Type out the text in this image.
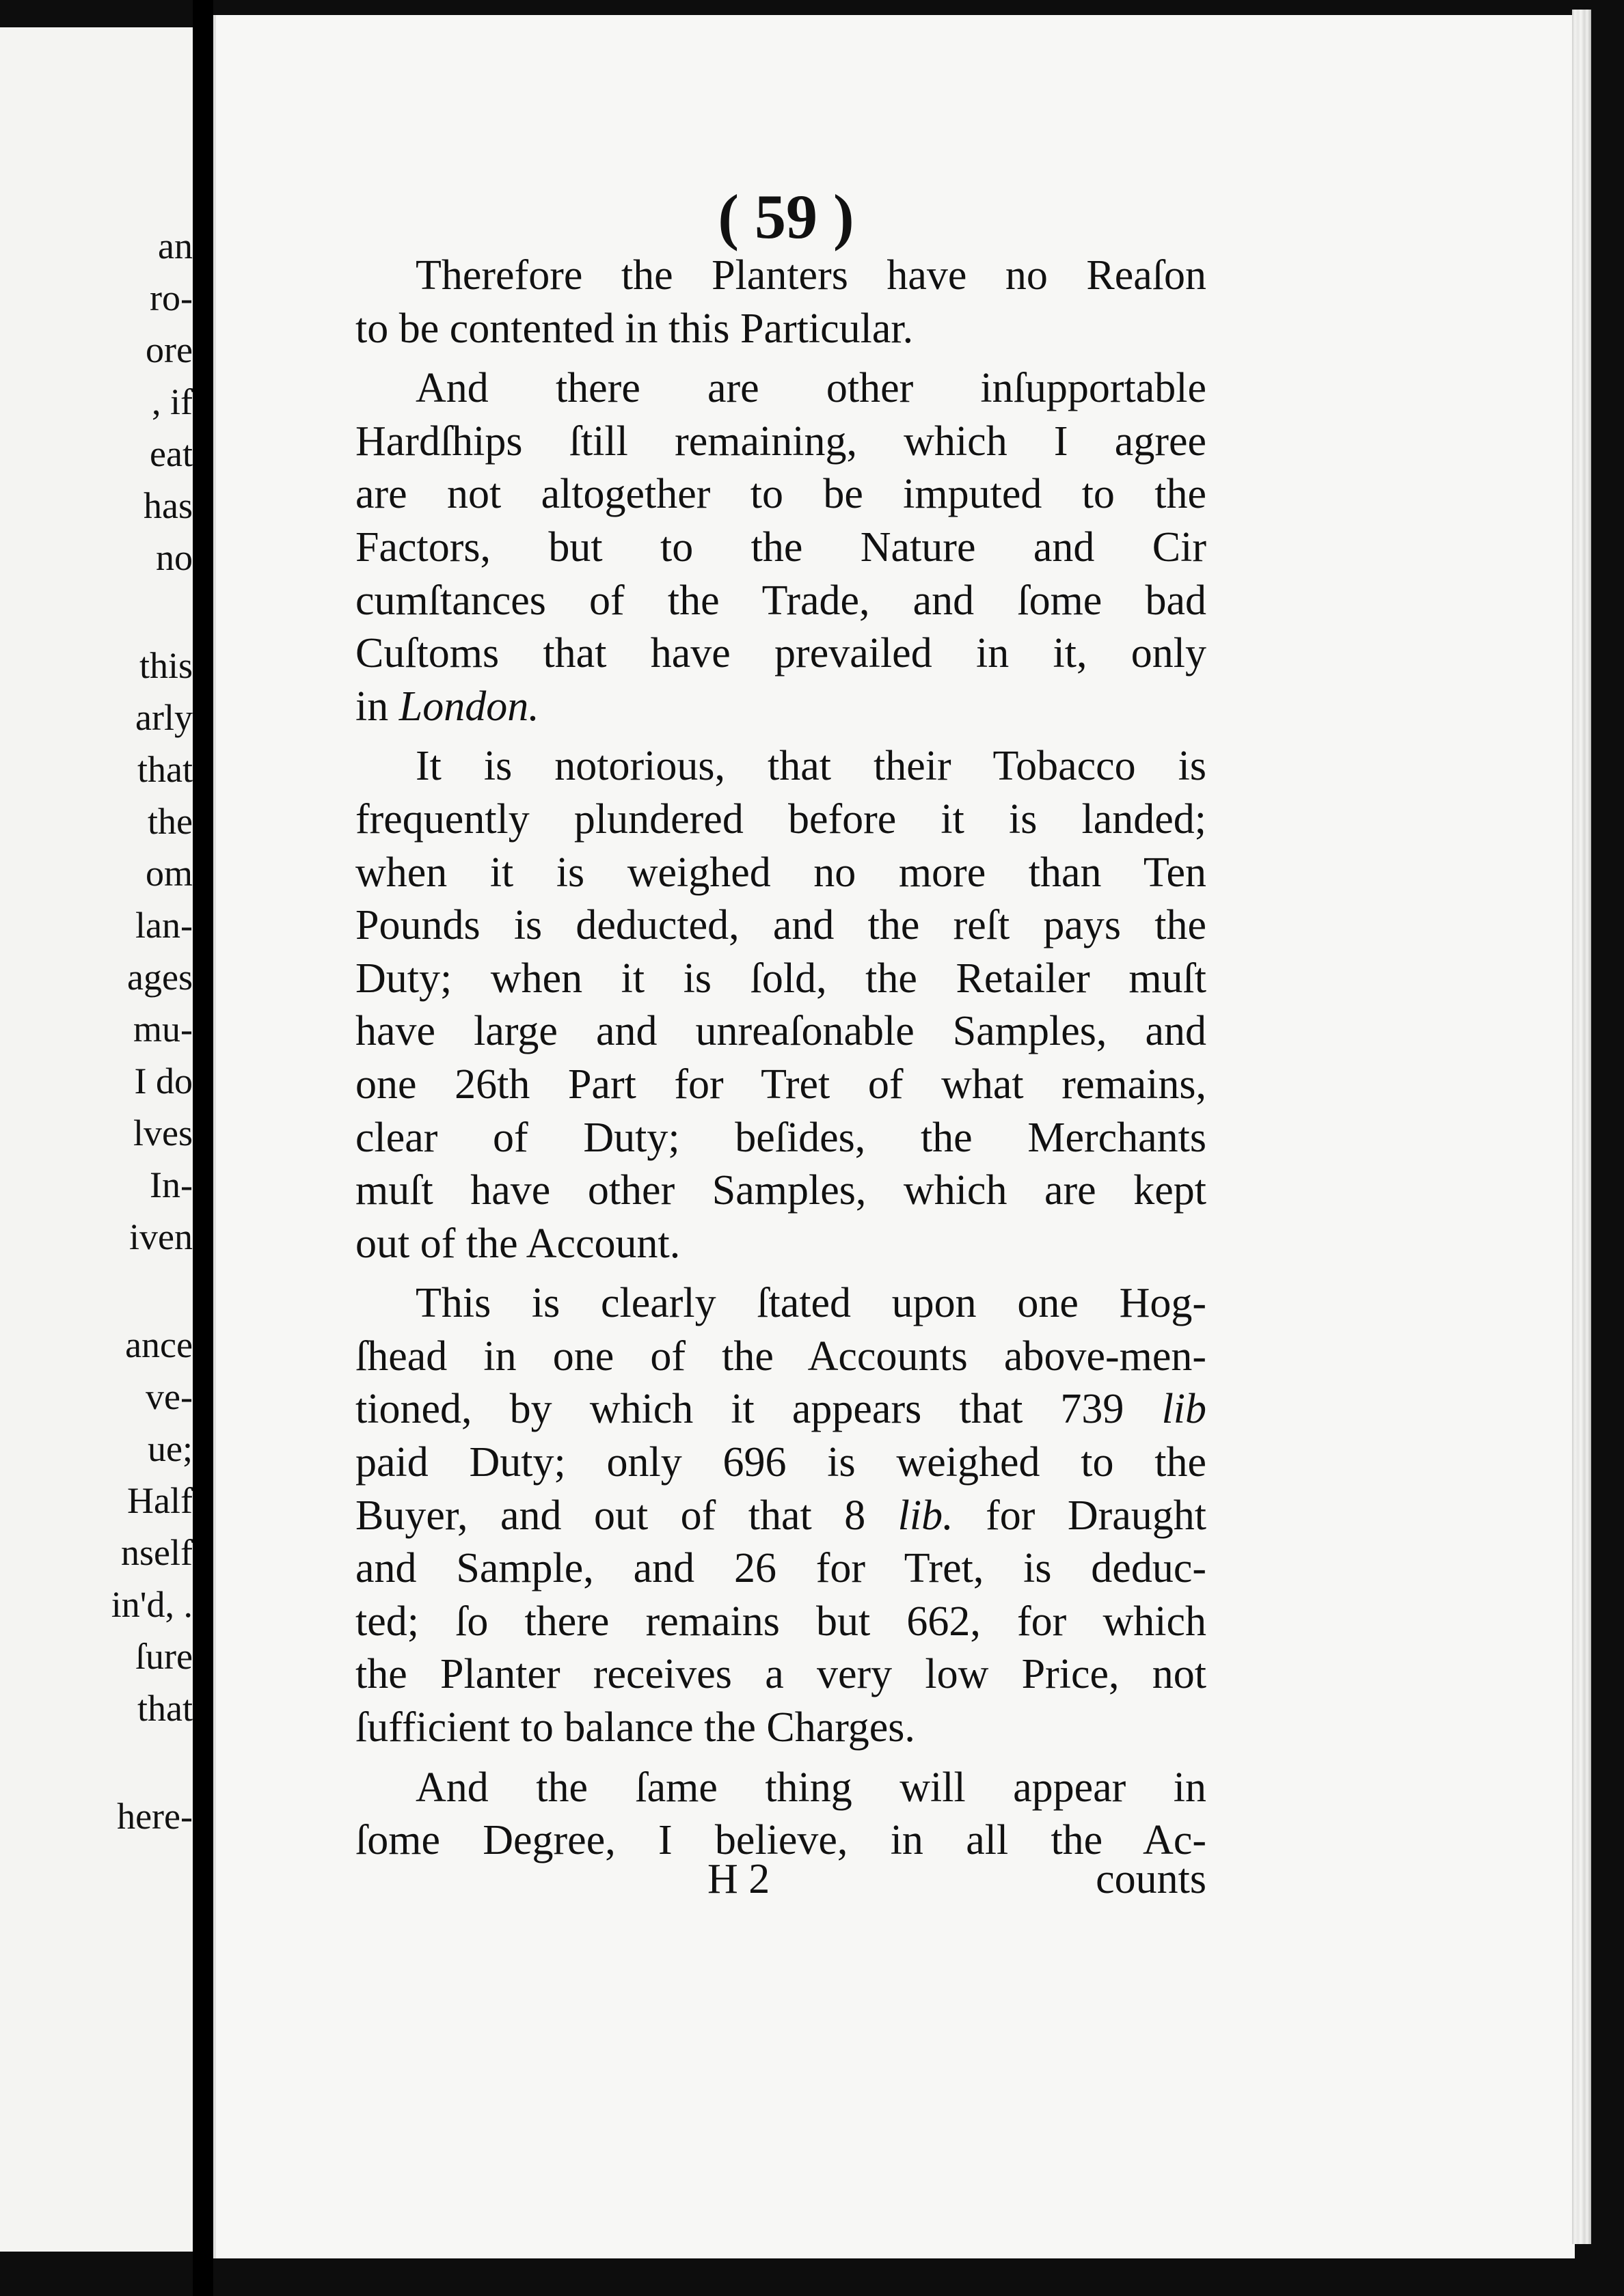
an
ro-
ore
, if
eat
has
no
this
arly
that
the
om
lan-
ages
mu-
I do
lves
In-
iven
ance
ve-
ue;
Half
nself
in'd, .
ſure
that
here-
( 59 )
Therefore the Planters have no Reaſon
to be contented in this Particular.
And there are other inſupportable
Hardſhips ſtill remaining, which I agree
are not altogether to be imputed to the
Factors, but to the Nature and Cir
cumſtances of the Trade, and ſome bad
Cuſtoms that have prevailed in it, only
in London.
It is notorious, that their Tobacco is
frequently plundered before it is landed;
when it is weighed no more than Ten
Pounds is deducted, and the reſt pays the
Duty; when it is ſold, the Retailer muſt
have large and unreaſonable Samples, and
one 26th Part for Tret of what remains,
clear of Duty; beſides, the Merchants
muſt have other Samples, which are kept
out of the Account.
This is clearly ſtated upon one Hog-
ſhead in one of the Accounts above-men-
tioned, by which it appears that 739 lib
paid Duty; only 696 is weighed to the
Buyer, and out of that 8 lib. for Draught
and Sample, and 26 for Tret, is deduc-
ted; ſo there remains but 662, for which
the Planter receives a very low Price, not
ſufficient to balance the Charges.
And the ſame thing will appear in
ſome Degree, I believe, in all the Ac-
H 2	counts
